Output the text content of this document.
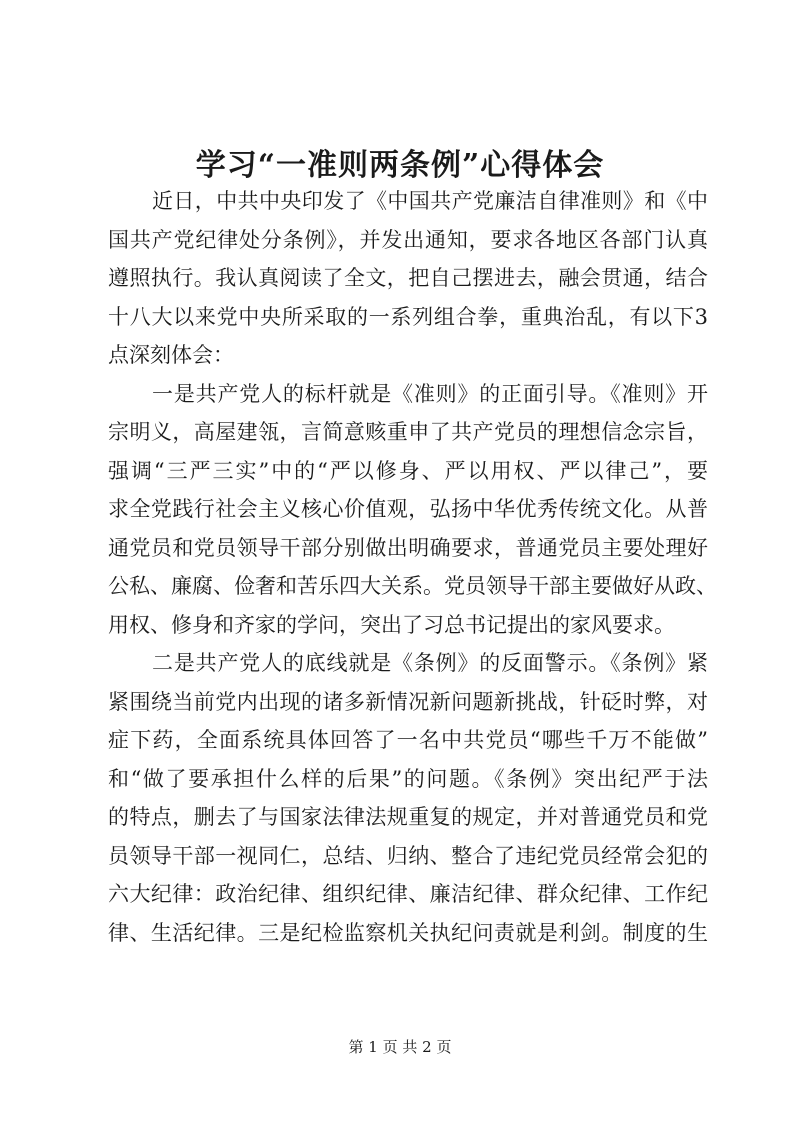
学习“一准则两条例”心得体会
近日，中共中央印发了《中国共产党廉洁自律准则》和《中
国共产党纪律处分条例》，并发出通知，要求各地区各部门认真
遵照执行。我认真阅读了全文，把自己摆进去，融会贯通，结合
十八大以来党中央所采取的一系列组合拳，重典治乱，有以下3
点深刻体会：
一是共产党人的标杆就是《准则》的正面引导。《准则》开
宗明义，高屋建瓴，言简意赅重申了共产党员的理想信念宗旨，
强调“三严三实”中的“严以修身、严以用权、严以律己”，要
求全党践行社会主义核心价值观，弘扬中华优秀传统文化。从普
通党员和党员领导干部分别做出明确要求，普通党员主要处理好
公私、廉腐、俭奢和苦乐四大关系。党员领导干部主要做好从政、
用权、修身和齐家的学问，突出了习总书记提出的家风要求。
二是共产党人的底线就是《条例》的反面警示。《条例》紧
紧围绕当前党内出现的诸多新情况新问题新挑战，针砭时弊，对
症下药，全面系统具体回答了一名中共党员“哪些千万不能做”
和“做了要承担什么样的后果”的问题。《条例》突出纪严于法
的特点，删去了与国家法律法规重复的规定，并对普通党员和党
员领导干部一视同仁，总结、归纳、整合了违纪党员经常会犯的
六大纪律：政治纪律、组织纪律、廉洁纪律、群众纪律、工作纪
律、生活纪律。三是纪检监察机关执纪问责就是利剑。制度的生
第 1 页 共 2 页
